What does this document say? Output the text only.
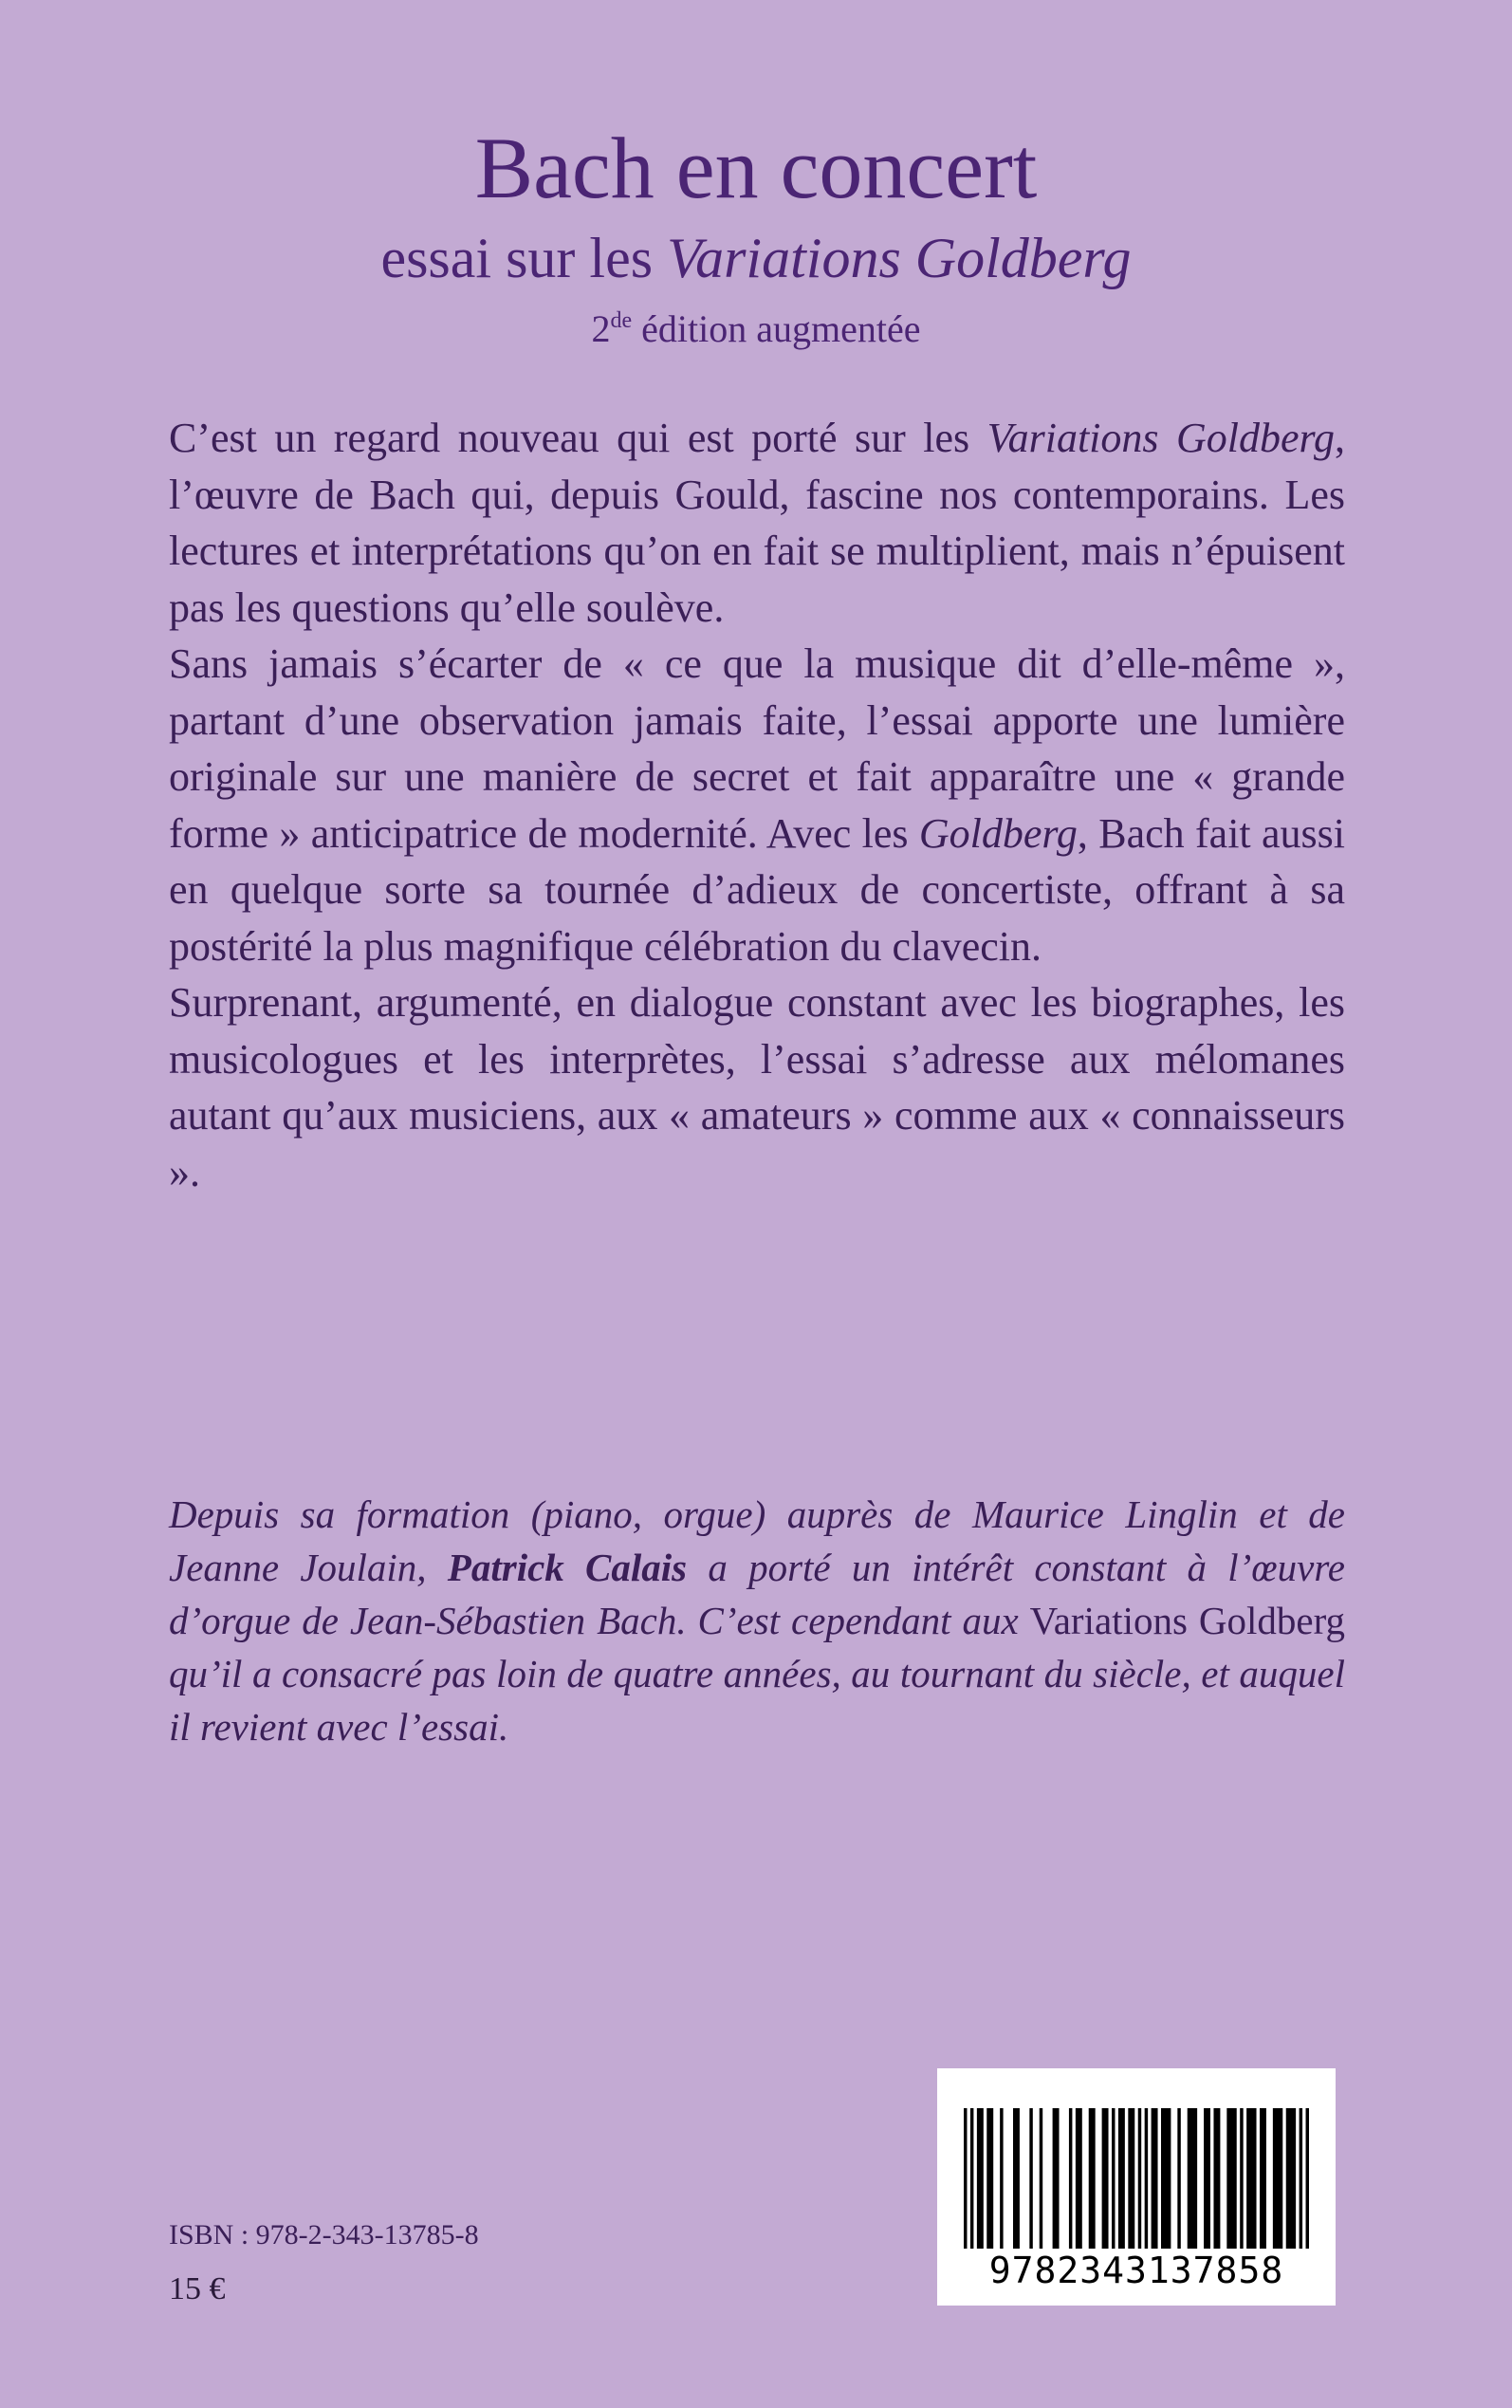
Bach en concert
essai sur les Variations Goldberg
2de édition augmentée

C’est un regard nouveau qui est porté sur les Variations Goldberg, l’œuvre de Bach qui, depuis Gould, fascine nos contemporains. Les lectures et interprétations qu’on en fait se multiplient, mais n’épuisent pas les questions qu’elle soulève.

Sans jamais s’écarter de « ce que la musique dit d’elle-même », partant d’une observation jamais faite, l’essai apporte une lumière originale sur une manière de secret et fait apparaître une « grande forme » anticipatrice de modernité. Avec les Goldberg, Bach fait aussi en quelque sorte sa tournée d’adieux de concertiste, offrant à sa postérité la plus magnifique célébration du clavecin.

Surprenant, argumenté, en dialogue constant avec les biographes, les musicologues et les interprètes, l’essai s’adresse aux mélomanes autant qu’aux musiciens, aux « amateurs » comme aux « connaisseurs ».

Depuis sa formation (piano, orgue) auprès de Maurice Linglin et de Jeanne Joulain, Patrick Calais a porté un intérêt constant à l’œuvre d’orgue de Jean-Sébastien Bach. C’est cependant aux Variations Goldberg qu’il a consacré pas loin de quatre années, au tournant du siècle, et auquel il revient avec l’essai.
ISBN : 978-2-343-13785-8
15 €	9782343137858
